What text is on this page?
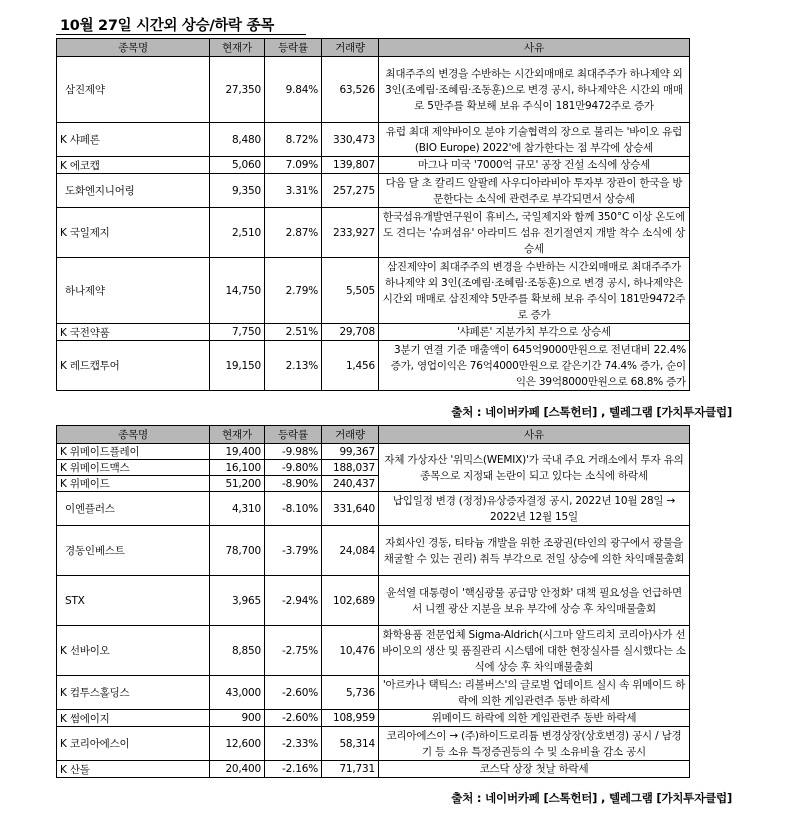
10월 27일 시간외 상승/하락 종목
종목명	현재가	등락률	거래량	사유
삼진제약	27,350	9.84%	63,526	최대주주의 변경을 수반하는 시간외매매로 최대주주가 하나제약 외 3인(조예림·조혜림·조동훈)으로 변경 공시, 하나제약은 시간외 매매로 5만주를 확보해 보유 주식이 181만9472주로 증가
K 샤페론	8,480	8.72%	330,473	유럽 최대 제약바이오 분야 기술협력의 장으로 불리는 '바이오 유럽(BIO Europe) 2022'에 참가한다는 점 부각에 상승세
K 에코캡	5,060	7.09%	139,807	마그나 미국 '7000억 규모' 공장 건설 소식에 상승세
도화엔지니어링	9,350	3.31%	257,275	다음 달 초 칼리드 알팔레 사우디아라비아 투자부 장관이 한국을 방문한다는 소식에 관련주로 부각되면서 상승세
K 국일제지	2,510	2.87%	233,927	한국섬유개발연구원이 휴비스, 국일제지와 함께 350°C 이상 온도에도 견디는 '슈퍼섬유' 아라미드 섬유 전기절연지 개발 착수 소식에 상승세
하나제약	14,750	2.79%	5,505	삼진제약이 최대주주의 변경을 수반하는 시간외매매로 최대주주가 하나제약 외 3인(조예림·조혜림·조동훈)으로 변경 공시, 하나제약은 시간외 매매로 삼진제약 5만주를 확보해 보유 주식이 181만9472주로 증가
K 국전약품	7,750	2.51%	29,708	'샤페론' 지분가치 부각으로 상승세
K 레드캡투어	19,150	2.13%	1,456	3분기 연결 기준 매출액이 645억9000만원으로 전년대비 22.4% 증가, 영업이익은 76억4000만원으로 같은기간 74.4% 증가, 순이익은 39억8000만원으로 68.8% 증가
출처 : 네이버카페 [스톡헌터] , 텔레그램 [가치투자클럽]
종목명	현재가	등락률	거래량	사유
K 위메이드플레이	19,400	-9.98%	99,367	자체 가상자산 '위믹스(WEMIX)'가 국내 주요 거래소에서 투자 유의 종목으로 지정돼 논란이 되고 있다는 소식에 하락세
K 위메이드맥스	16,100	-9.80%	188,037	
K 위메이드	51,200	-8.90%	240,437	
이엔플러스	4,310	-8.10%	331,640	납입일정 변경 (정정)유상증자결정 공시, 2022년 10월 28일 → 2022년 12월 15일
경동인베스트	78,700	-3.79%	24,084	자회사인 경동, 티타늄 개발을 위한 조광권(타인의 광구에서 광물을 채굴할 수 있는 권리) 취득 부각으로 전일 상승에 의한 차익매물출회
STX	3,965	-2.94%	102,689	윤석열 대통령이 '핵심광물 공급망 안정화' 대책 필요성을 언급하면서 니켈 광산 지분을 보유 부각에 상승 후 차익매물출회
K 선바이오	8,850	-2.75%	10,476	화학용품 전문업체 Sigma-Aldrich(시그마 알드리치 코리아)사가 선바이오의 생산 및 품질관리 시스템에 대한 현장실사를 실시했다는 소식에 상승 후 차익매물출회
K 컴투스홀딩스	43,000	-2.60%	5,736	'아르카나 택틱스: 리볼버스'의 글로벌 업데이트 실시 속 위메이드 하락에 의한 게임관련주 동반 하락세
K 썸에이지	900	-2.60%	108,959	위메이드 하락에 의한 게임관련주 동반 하락세
K 코리아에스이	12,600	-2.33%	58,314	코리아에스이 → (주)하이드로리튬 변경상장(상호변경) 공시 / 남경기 등 소유 특정증권등의 수 및 소유비율 감소 공시
K 산돌	20,400	-2.16%	71,731	코스닥 상장 첫날 하락세
출처 : 네이버카페 [스톡헌터] , 텔레그램 [가치투자클럽]
